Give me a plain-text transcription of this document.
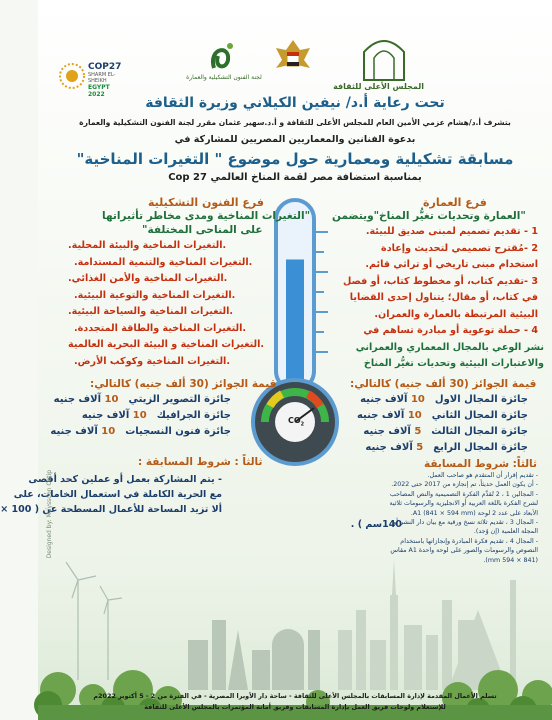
COP27
SHARM EL-SHEIKH
EGYPT 2022
لجنة الفنون التشكيلية والعمارة
المجلس الأعلى للثقافة
تحت رعاية أ.د/ نيفين الكيلاني وزيرة الثقافة
بتشرف أ.د/هشام عزمي الأمين العام للمجلس الأعلى للثقافة و أ.د.سهير عثمان مقرر لجنة الفنون التشكيلية والعمارة
بدعوة الفنانين والمعماريين المصريين للمشاركة في
مسابقة تشكيلية ومعمارية حول موضوع " التغيرات المناخية"
بمناسبة استضافة مصر لقمة المناخ العالمي Cop 27
$CO_2$
فرع الفنون التشكيلية
"التغيرات المناخية ومدى مخاطر تأثيراتها
على المناحى المختلفة"
.التغيرات المناخية والبيئة المحلية.
.التغيرات المناخية والتنمية المستدامة.
.التغيرات المناخية والأمن الغذائي.
.التغيرات المناخية والتوعية البيئية.
.التغيرات المناخية والسياحة البيئية.
.التغيرات المناخية والطاقة المتجددة.
.التغيرات المناخية و البيئة البحرية العالمية
.التغيرات المناخية وكوكب الأرض.
قيمة الجوائز (30 ألف جنيه) كالتالي:
جائزة التصوير الزيتي10 آلاف جنيه
جائزة الجرافيك10 آلاف جنيه
جائزة فنون النسجيات10 آلاف جنيه
ثالثاً : شروط المسابقة :
- يتم المشاركة بعمل أو عملين كحد أقصى
مع الحرية الكاملة في استعمال الخامات، على
ألا تزيد المساحة للأعمال المسطحة عن ( 100 ×
140سم ) .
فرع العمارة
"العمارة وتحديات تغيُّر المناخ"ويتضمن
1 - تقديم تصميم لمبنى صديق للبيئة.
2 -مُقترح تصميمي لتحديث وإعادة
استخدام مبنى تاريخي أو تراثي قائم.
3 -تقديم كتاب، أو مخطوط كتاب، أو فصل
في كتاب، أو مقال؛ يتناول إحدى القضايا
البيئية المرتبطة بالعمارة والعمران.
4 - حملة توعوية أو مبادرة تساهم في
نشر الوعي بالمجال المعماري والعمراني
والاعتبارات البيئية وتحديات تغيُّر المناخ
قيمة الجوائز (30 ألف جنيه) كالتالي:
جائزة المجال الاول10 آلاف جنيه
جائزة المجال الثاني10 آلاف جنيه
جائزة المجال الثالث5 آلاف جنيه
جائزة المجال الرابع5 آلاف جنيه
ثالثاً: شروط المسابقة
- تقديم إقرار أن المتقدم هو صاحب العمل.
- أن يكون العمل حديثاً، تم إنجازه من 2017 حتى 2022.
- المجالين 1 ، 2 تُقدَّم الفكرة التصميمية والنص المصاحب
لشرح الفكرة باللغة العربية أو الانجليزية والرسومات ثلاثية
الأبعاد على عدد 2 لوحة A1 (841 × 594 mm).
- المجال 3 ، تقديم ثلاثة نسخ ورقية مع بيان دار النشر أو
المجلة العلمية (إن وُجد).
- المجال 4 ، تقديم فكرة المبادرة وإنجازاتها باستخدام
النصوص والرسومات والصور على لوحة واحدة A1 مقاس
(841 × 594 mm).
Designed by: Mayssoon Ostip
تسلم الأعمال المقدمة لإدارة المسابقات بالمجلس الأعلى للثقافة - ساحة دار الأوبرا المصرية - في الفترة من 2 - 5 أكتوبر 2022م
للإستعلام ولوحات فريق العمل بإدارة المسابقات وفريق أمانة المؤتمرات بالمجلس الأعلى للثقافة
